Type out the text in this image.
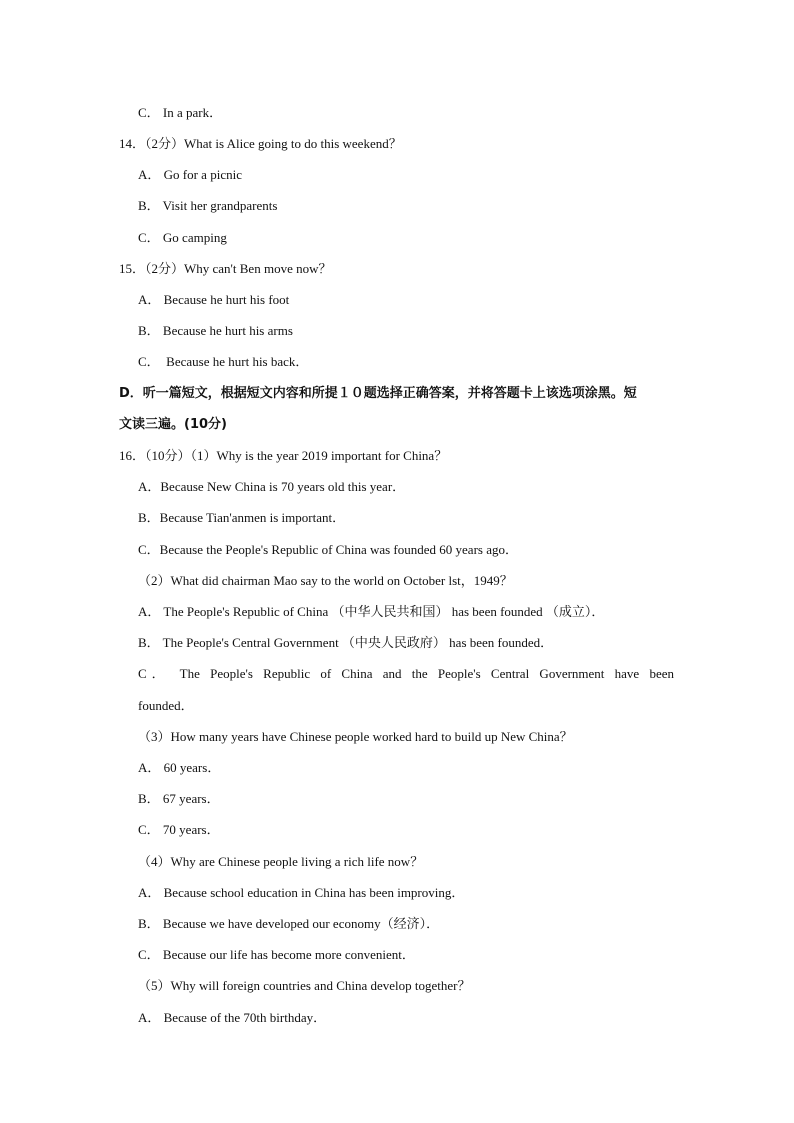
C． In a park．
14．（2分）What is Alice going to do this weekend？
A． Go for a picnic
B． Visit her grandparents
C． Go camping
15．（2分）Why can't Ben move now？
A． Because he hurt his foot
B． Because he hurt his arms
C．  Because he hurt his back．
D．听一篇短文，根据短文内容和所提１０题选择正确答案，并将答题卡上该选项涂黑。短
文读三遍。(10分)
16．（10分）（1）Why is the year 2019 important for China？
A．Because New China is 70 years old this year．
B．Because Tian'anmen is important．
C．Because the People's Republic of China was founded 60 years ago．
（2）What did chairman Mao say to the world on October lst，1949？
A． The People's Republic of China （中华人民共和国） has been founded （成立）．
B． The People's Central Government （中央人民政府） has been founded．
C． The People's Republic of China and the People's Central Government have been
founded．
（3）How many years have Chinese people worked hard to build up New China？
A． 60 years．
B． 67 years．
C． 70 years．
（4）Why are Chinese people living a rich life now？
A． Because school education in China has been improving．
B． Because we have developed our economy（经济）．
C． Because our life has become more convenient．
（5）Why will foreign countries and China develop together？
A． Because of the 70th birthday．
